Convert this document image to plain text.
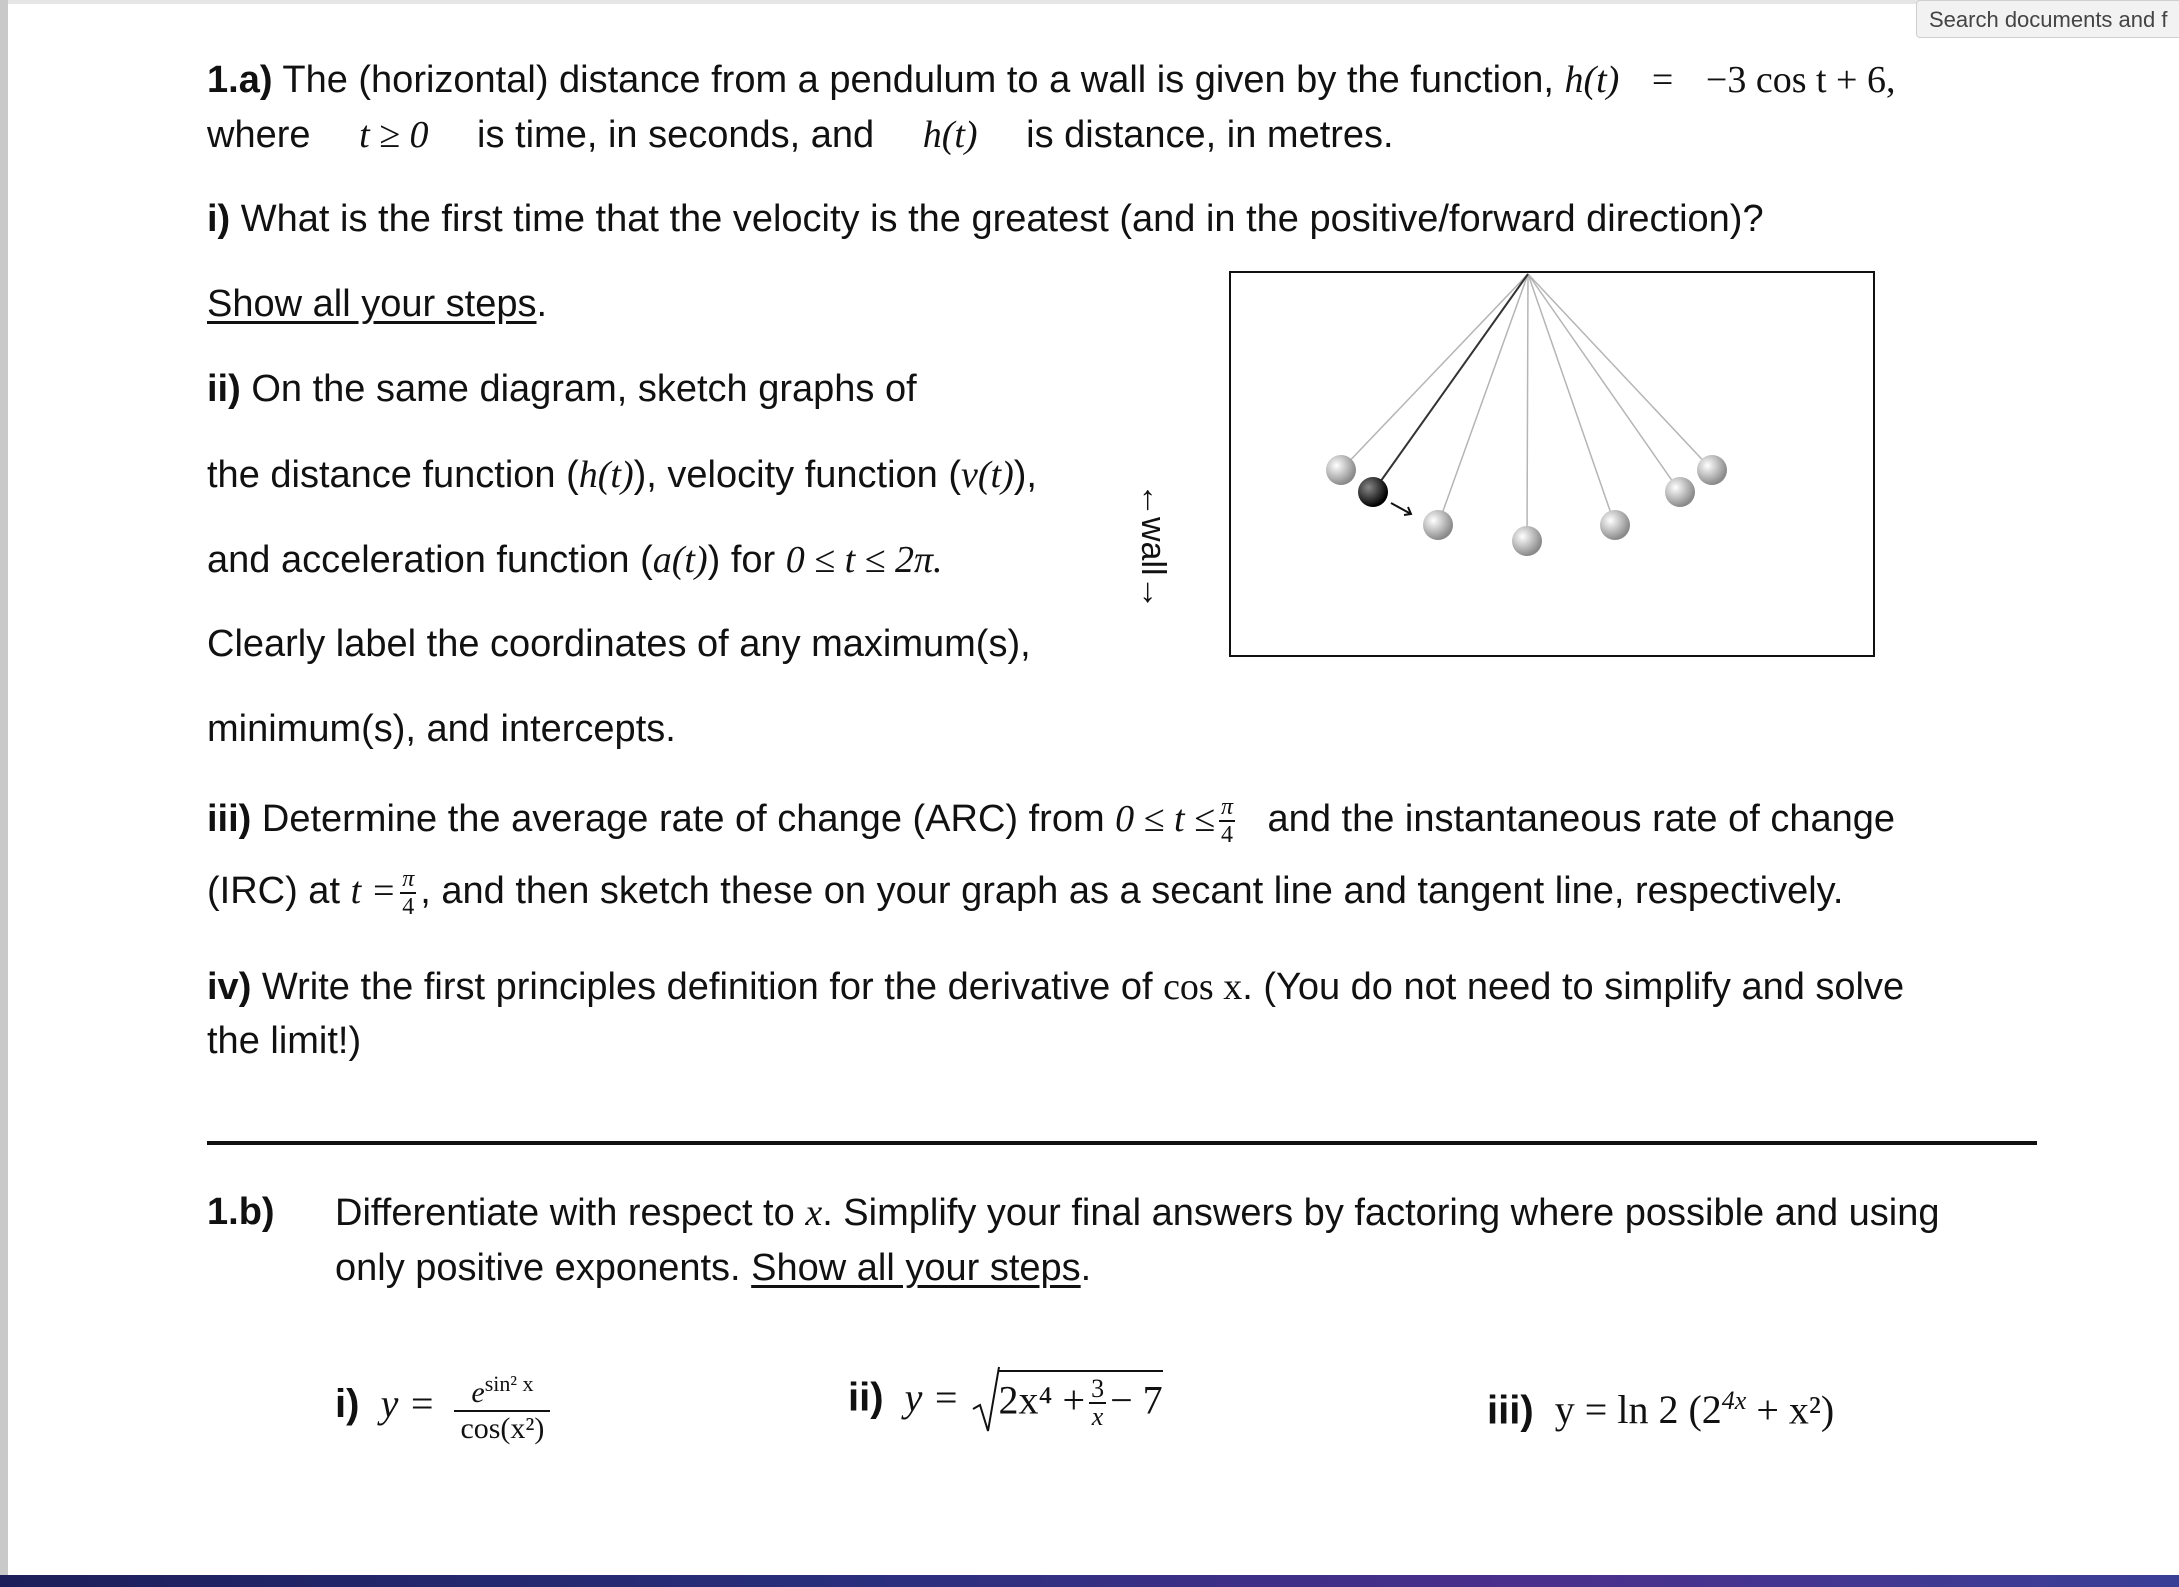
Search documents and f
1.a) The (horizontal) distance from a pendulum to a wall is given by the function, h(t) = −3 cos t + 6,
where t ≥ 0 is time, in seconds, and h(t) is distance, in metres.
i) What is the first time that the velocity is the greatest (and in the positive/forward direction)?
Show all your steps.
ii) On the same diagram, sketch graphs of
the distance function (h(t)), velocity function (v(t)),
and acceleration function (a(t)) for 0 ≤ t ≤ 2π.
Clearly label the coordinates of any maximum(s),
minimum(s), and intercepts.
←wall→
iii) Determine the average rate of change (ARC) from $0 \le t \le \frac{\pi}{4}$ and the instantaneous rate of change
(IRC) at $t = \frac{\pi}{4}$ , and then sketch these on your graph as a secant line and tangent line, respectively.
iv) Write the first principles definition for the derivative of cos x. (You do not need to simplify and solve
the limit!)
1.b) Differentiate with respect to x. Simplify your final answers by factoring where possible and using
only positive exponents. Show all your steps.
i) $y = \frac{e^{sin^2 x}}{\text{cos(x²)}}$	ii) $y = 2x^4 + \frac{3}{x} - 7$	iii) y = ln 2 $(2^{4x} + x^2)$
